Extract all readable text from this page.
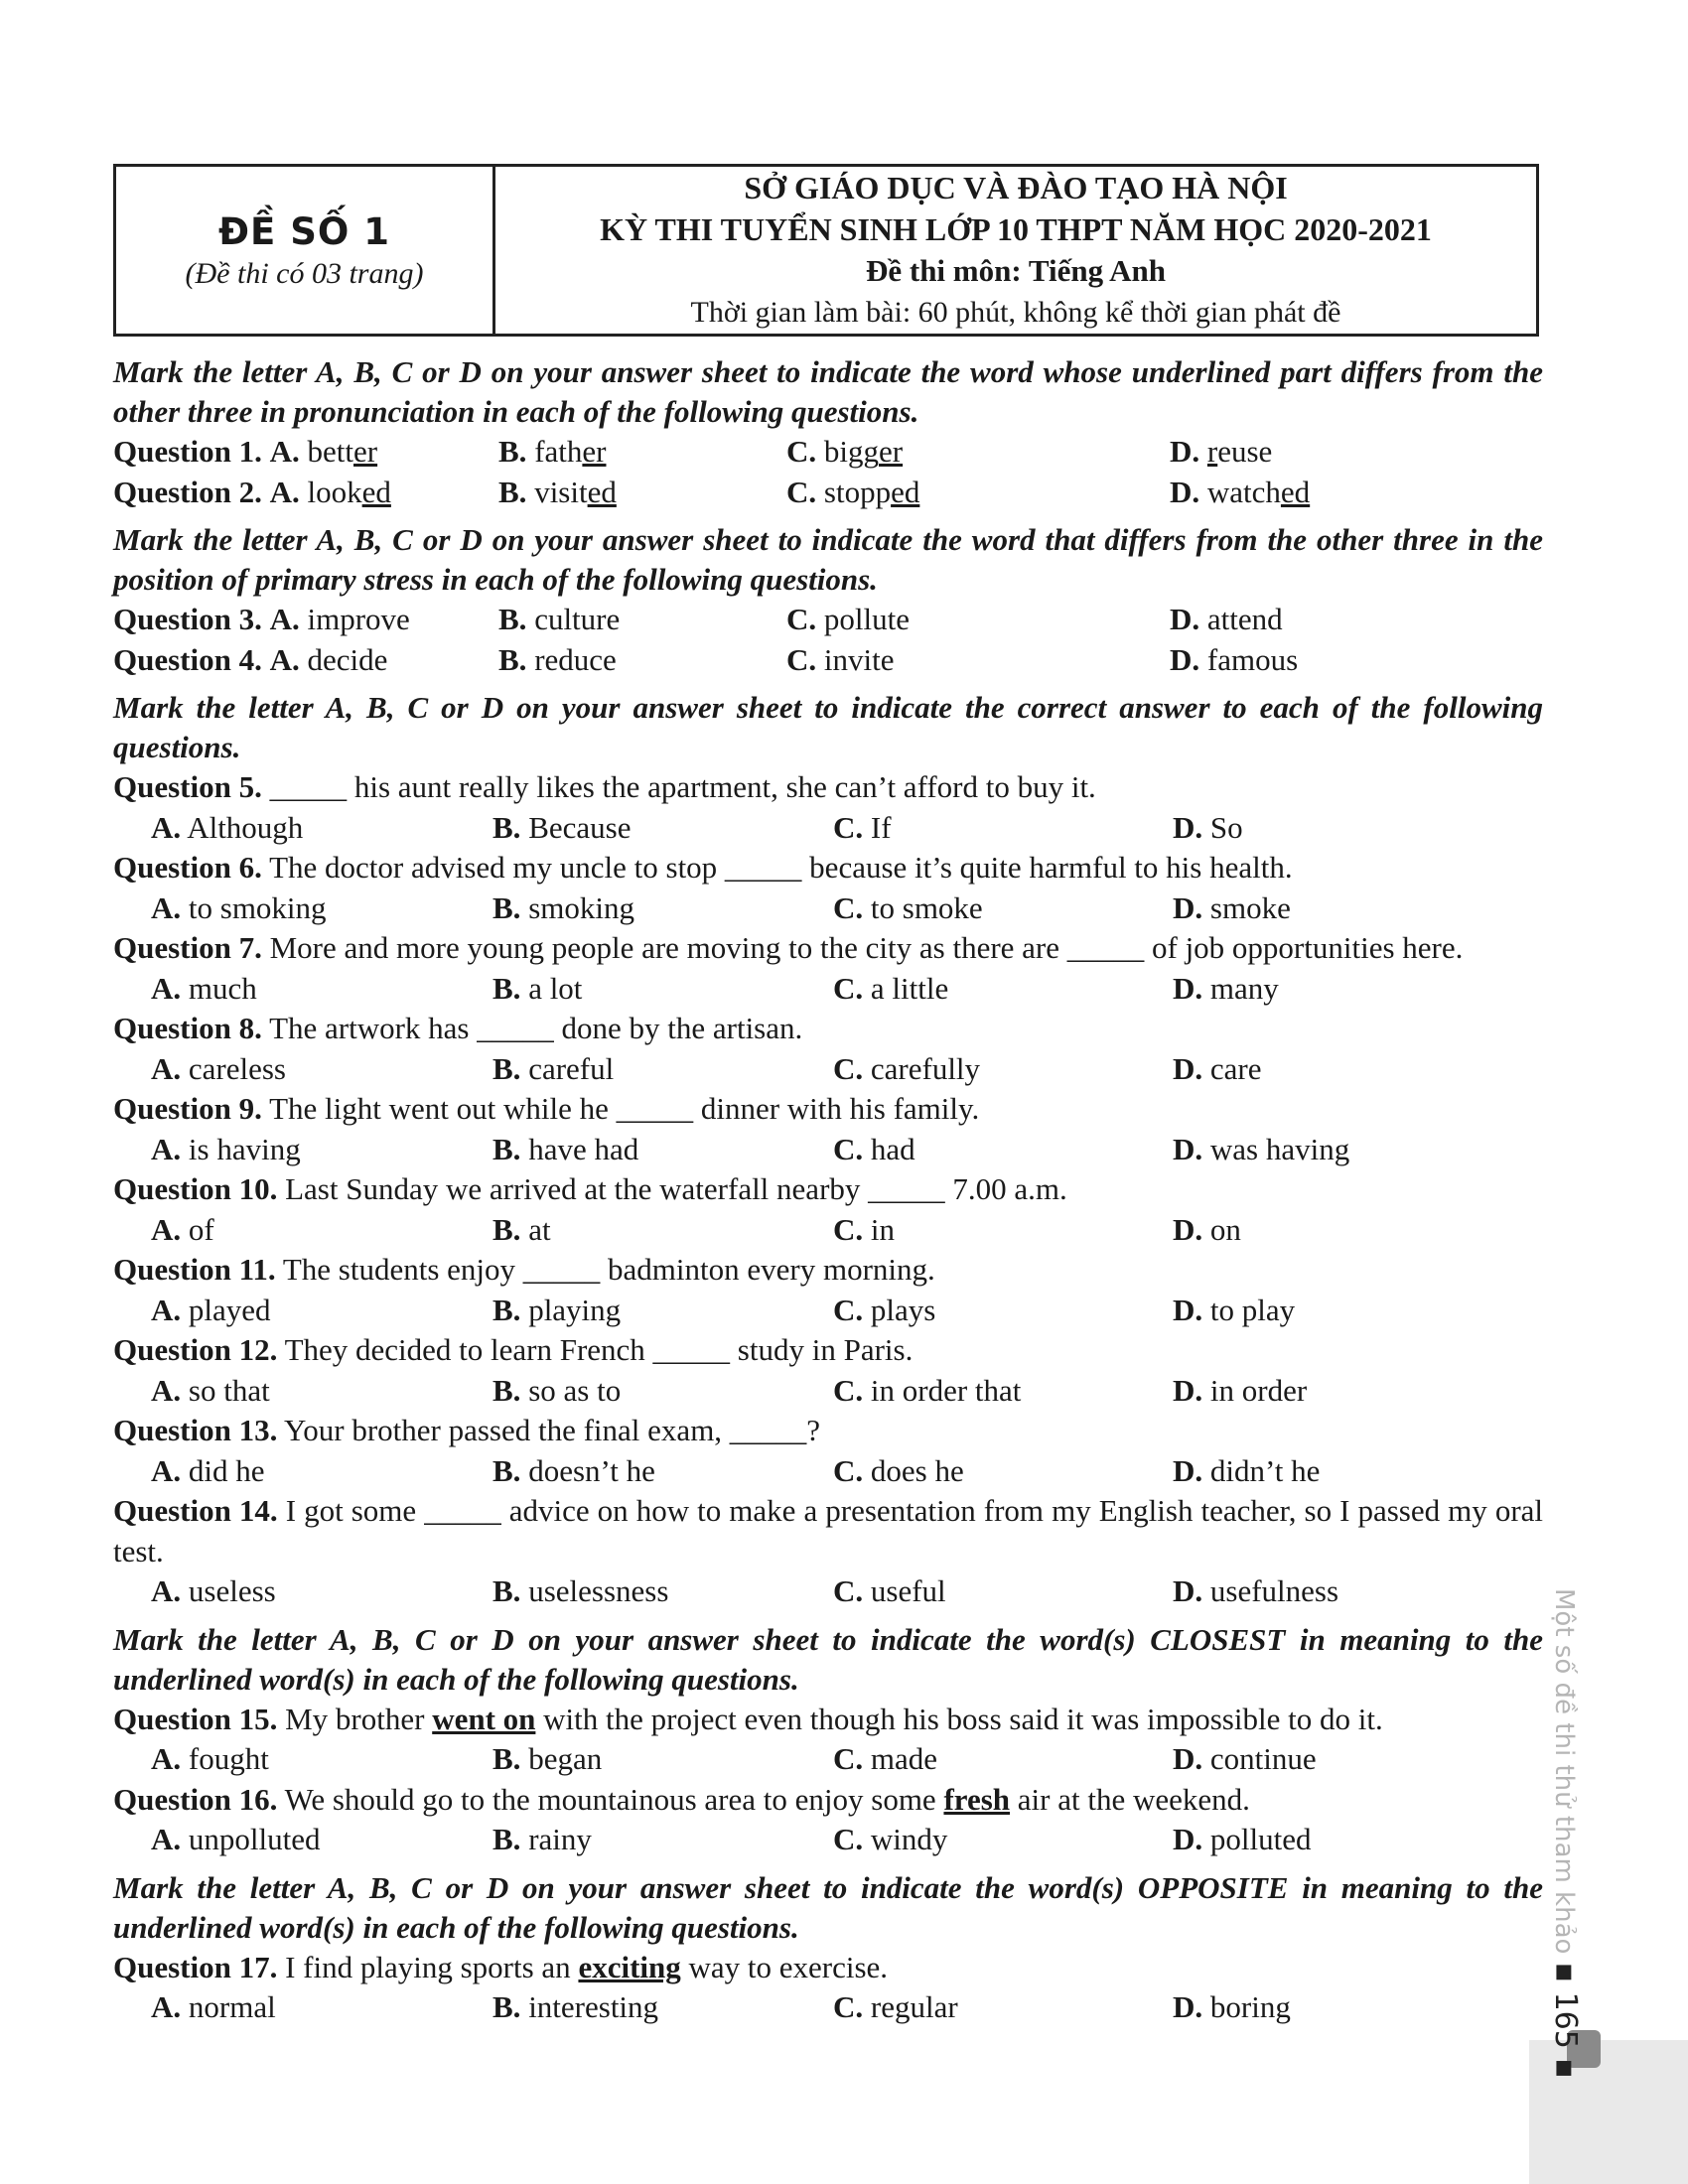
ĐỀ SỐ 1
(Đề thi có 03 trang)
SỞ GIÁO DỤC VÀ ĐÀO TẠO HÀ NỘI
KỲ THI TUYỂN SINH LỚP 10 THPT NĂM HỌC 2020-2021
Đề thi môn: Tiếng Anh
Thời gian làm bài: 60 phút, không kể thời gian phát đề

Mark the letter A, B, C or D on your answer sheet to indicate the word whose underlined part differs from the other three in pronunciation in each of the following questions.

Question 1. A. better	B. father	C. bigger	D. reuse
Question 2. A. looked	B. visited	C. stopped	D. watched

Mark the letter A, B, C or D on your answer sheet to indicate the word that differs from the other three in the position of primary stress in each of the following questions.

Question 3. A. improve	B. culture	C. pollute	D. attend
Question 4. A. decide	B. reduce	C. invite	D. famous

Mark the letter A, B, C or D on your answer sheet to indicate the correct answer to each of the following questions.

Question 5. _____ his aunt really likes the apartment, she can’t afford to buy it.
A. Although	B. Because	C. If	D. So
Question 6. The doctor advised my uncle to stop _____ because it’s quite harmful to his health.
A. to smoking	B. smoking	C. to smoke	D. smoke
Question 7. More and more young people are moving to the city as there are _____ of job opportunities here.
A. much	B. a lot	C. a little	D. many
Question 8. The artwork has _____ done by the artisan.
A. careless	B. careful	C. carefully	D. care
Question 9. The light went out while he _____ dinner with his family.
A. is having	B. have had	C. had	D. was having
Question 10. Last Sunday we arrived at the waterfall nearby _____ 7.00 a.m.
A. of	B. at	C. in	D. on
Question 11. The students enjoy _____ badminton every morning.
A. played	B. playing	C. plays	D. to play
Question 12. They decided to learn French _____ study in Paris.
A. so that	B. so as to	C. in order that	D. in order
Question 13. Your brother passed the final exam, _____?
A. did he	B. doesn’t he	C. does he	D. didn’t he
Question 14. I got some _____ advice on how to make a presentation from my English teacher, so I passed my oral test.
A. useless	B. uselessness	C. useful	D. usefulness

Mark the letter A, B, C or D on your answer sheet to indicate the word(s) CLOSEST in meaning to the underlined word(s) in each of the following questions.

Question 15. My brother went on with the project even though his boss said it was impossible to do it.
A. fought	B. began	C. made	D. continue
Question 16. We should go to the mountainous area to enjoy some fresh air at the weekend.
A. unpolluted	B. rainy	C. windy	D. polluted

Mark the letter A, B, C or D on your answer sheet to indicate the word(s) OPPOSITE in meaning to the underlined word(s) in each of the following questions.

Question 17. I find playing sports an exciting way to exercise.
A. normal	B. interesting	C. regular	D. boring
Một số đề thi thử tham khảo ▪ 165 ▪
